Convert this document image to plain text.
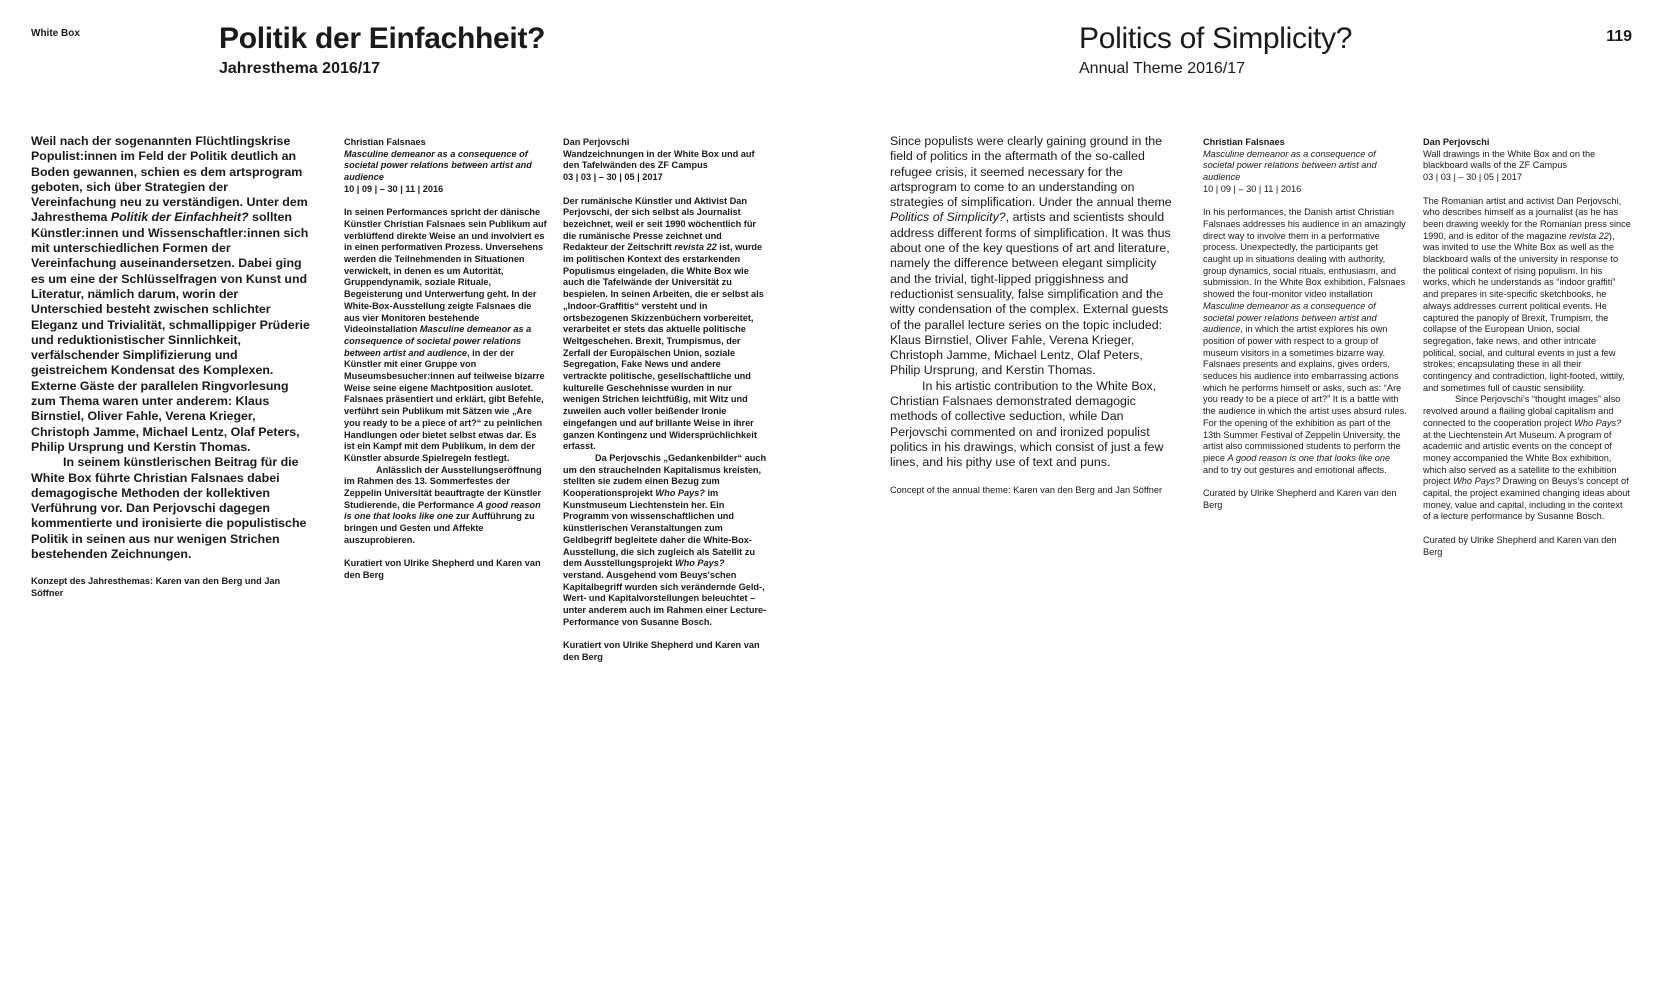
White Box	Politik der Einfachheit?
Jahresthema 2016/17
Politics of Simplicity?
Annual Theme 2016/17
119

Weil nach der sogenannten Flüchtlingskrise Populist:innen im Feld der Politik deutlich an Boden gewannen, schien es dem artsprogram geboten, sich über Strategien der Vereinfachung neu zu verständigen. Unter dem Jahresthema Politik der Einfachheit? sollten Künstler:innen und Wissenschaftler:innen sich mit unterschiedlichen Formen der Vereinfachung auseinandersetzen. Dabei ging es um eine der Schlüsselfragen von Kunst und Literatur, nämlich darum, worin der Unterschied besteht zwischen schlichter Eleganz und Trivialität, schmallippiger Prüderie und reduktionistischer Sinnlichkeit, verfälschender Simplifizierung und geistreichem Kondensat des Komplexen. Externe Gäste der parallelen Ringvorlesung zum Thema waren unter anderem: Klaus Birnstiel, Oliver Fahle, Verena Krieger, Christoph Jamme, Michael Lentz, Olaf Peters, Philip Ursprung und Kerstin Thomas.

In seinem künstlerischen Beitrag für die White Box führte Christian Falsnaes dabei demagogische Methoden der kollektiven Verführung vor. Dan Perjovschi dagegen kommentierte und ironisierte die populistische Politik in seinen aus nur wenigen Strichen bestehenden Zeichnungen.

Konzept des Jahresthemas: Karen van den Berg und Jan Söffner
Christian Falsnaes
Masculine demeanor as a consequence of societal power relations between artist and audience
10 | 09 | – 30 | 11 | 2016

In seinen Performances spricht der dänische Künstler Christian Falsnaes sein Publikum auf verblüffend direkte Weise an und involviert es in einen performativen Prozess. Unversehens werden die Teilnehmenden in Situationen verwickelt, in denen es um Autorität, Gruppendynamik, soziale Rituale, Begeisterung und Unterwerfung geht. In der White-Box-Ausstellung zeigte Falsnaes die aus vier Monitoren bestehende Videoinstallation Masculine demeanor as a consequence of societal power relations between artist and audience, in der der Künstler mit einer Gruppe von Museumsbesucher:innen auf teilweise bizarre Weise seine eigene Machtposition auslotet. Falsnaes präsentiert und erklärt, gibt Befehle, verführt sein Publikum mit Sätzen wie „Are you ready to be a piece of art?“ zu peinlichen Handlungen oder bietet selbst etwas dar. Es ist ein Kampf mit dem Publikum, in dem der Künstler absurde Spielregeln festlegt.

Anlässlich der Ausstellungseröffnung im Rahmen des 13. Sommerfestes der Zeppelin Universität beauftragte der Künstler Studierende, die Performance A good reason is one that looks like one zur Aufführung zu bringen und Gesten und Affekte auszuprobieren.

Kuratiert von Ulrike Shepherd und Karen van den Berg

Dan Perjovschi
Wandzeichnungen in der White Box und auf den Tafelwänden des ZF Campus
03 | 03 | – 30 | 05 | 2017

Der rumänische Künstler und Aktivist Dan Perjovschi, der sich selbst als Journalist bezeichnet, weil er seit 1990 wöchentlich für die rumänische Presse zeichnet und Redakteur der Zeitschrift revista 22 ist, wurde im politischen Kontext des erstarkenden Populismus eingeladen, die White Box wie auch die Tafelwände der Universität zu bespielen. In seinen Arbeiten, die er selbst als „Indoor-Graffitis“ versteht und in ortsbezogenen Skizzenbüchern vorbereitet, verarbeitet er stets das aktuelle politische Weltgeschehen. Brexit, Trumpismus, der Zerfall der Europäischen Union, soziale Segregation, Fake News und andere vertrackte politische, gesellschaftliche und kulturelle Geschehnisse wurden in nur wenigen Strichen leichtfüßig, mit Witz und zuweilen auch voller beißender Ironie eingefangen und auf brillante Weise in ihrer ganzen Kontingenz und Widersprüchlichkeit erfasst.

Da Perjovschis „Gedankenbilder“ auch um den strauchelnden Kapitalismus kreisten, stellten sie zudem einen Bezug zum Kooperationsprojekt Who Pays? im Kunstmuseum Liechtenstein her. Ein Programm von wissenschaftlichen und künstlerischen Veranstaltungen zum Geldbegriff begleitete daher die White-Box-Ausstellung, die sich zugleich als Satellit zu dem Ausstellungsprojekt Who Pays? verstand. Ausgehend vom Beuys'schen Kapitalbegriff wurden sich verändernde Geld-, Wert- und Kapitalvorstellungen beleuchtet – unter anderem auch im Rahmen einer Lecture-Performance von Susanne Bosch.

Kuratiert von Ulrike Shepherd und Karen van den Berg

Since populists were clearly gaining ground in the field of politics in the aftermath of the so-called refugee crisis, it seemed necessary for the artsprogram to come to an understanding on strategies of simplification. Under the annual theme Politics of Simplicity?, artists and scientists should address different forms of simplification. It was thus about one of the key questions of art and literature, namely the difference between elegant simplicity and the trivial, tight-lipped priggishness and reductionist sensuality, false simplification and the witty condensation of the complex. External guests of the parallel lecture series on the topic included: Klaus Birnstiel, Oliver Fahle, Verena Krieger, Christoph Jamme, Michael Lentz, Olaf Peters, Philip Ursprung, and Kerstin Thomas.

In his artistic contribution to the White Box, Christian Falsnaes demonstrated demagogic methods of collective seduction, while Dan Perjovschi commented on and ironized populist politics in his drawings, which consist of just a few lines, and his pithy use of text and puns.

Concept of the annual theme: Karen van den Berg and Jan Söffner
Christian Falsnaes
Masculine demeanor as a consequence of societal power relations between artist and audience
10 | 09 | – 30 | 11 | 2016

In his performances, the Danish artist Christian Falsnaes addresses his audience in an amazingly direct way to involve them in a performative process. Unexpectedly, the participants get caught up in situations dealing with authority, group dynamics, social rituals, enthusiasm, and submission. In the White Box exhibition, Falsnaes showed the four-monitor video installation Masculine demeanor as a consequence of societal power relations between artist and audience, in which the artist explores his own position of power with respect to a group of museum visitors in a sometimes bizarre way. Falsnaes presents and explains, gives orders, seduces his audience into embarrassing actions which he performs himself or asks, such as: “Are you ready to be a piece of art?” It is a battle with the audience in which the artist uses absurd rules. For the opening of the exhibition as part of the 13th Summer Festival of Zeppelin University, the artist also commissioned students to perform the piece A good reason is one that looks like one and to try out gestures and emotional affects.

Curated by Ulrike Shepherd and Karen van den Berg

Dan Perjovschi
Wall drawings in the White Box and on the blackboard walls of the ZF Campus
03 | 03 | – 30 | 05 | 2017

The Romanian artist and activist Dan Perjovschi, who describes himself as a journalist (as he has been drawing weekly for the Romanian press since 1990, and is editor of the magazine revista 22), was invited to use the White Box as well as the blackboard walls of the university in response to the political context of rising populism. In his works, which he understands as “indoor graffiti” and prepares in site-specific sketchbooks, he always addresses current political events. He captured the panoply of Brexit, Trumpism, the collapse of the European Union, social segregation, fake news, and other intricate political, social, and cultural events in just a few strokes; encapsulating these in all their contingency and contradiction, light-footed, wittily, and sometimes full of caustic sensibility.

Since Perjovschi’s “thought images” also revolved around a flailing global capitalism and connected to the cooperation project Who Pays? at the Liechtenstein Art Museum. A program of academic and artistic events on the concept of money accompanied the White Box exhibition, which also served as a satellite to the exhibition project Who Pays? Drawing on Beuys’s concept of capital, the project examined changing ideas about money, value and capital, including in the context of a lecture performance by Susanne Bosch.

Curated by Ulrike Shepherd and Karen van den Berg
